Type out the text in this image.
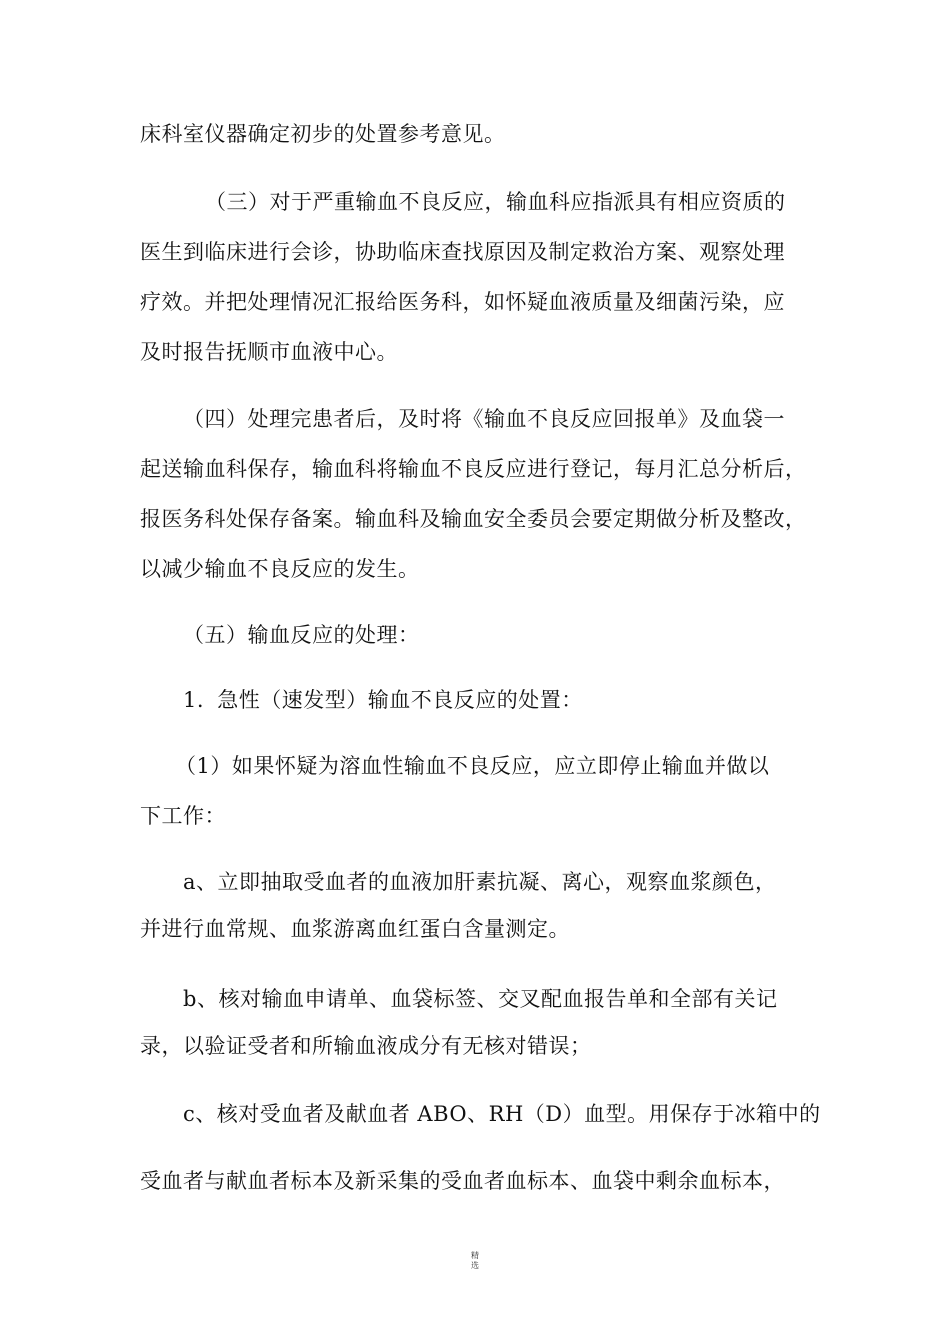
床科室仪器确定初步的处置参考意见。
（三）对于严重输血不良反应，输血科应指派具有相应资质的
医生到临床进行会诊，协助临床查找原因及制定救治方案、观察处理
疗效。并把处理情况汇报给医务科，如怀疑血液质量及细菌污染，应
及时报告抚顺市血液中心。
（四）处理完患者后，及时将《输血不良反应回报单》及血袋一
起送输血科保存，输血科将输血不良反应进行登记，每月汇总分析后，
报医务科处保存备案。输血科及输血安全委员会要定期做分析及整改，
以减少输血不良反应的发生。
（五）输血反应的处理：
1. 急性（速发型）输血不良反应的处置：
（1）如果怀疑为溶血性输血不良反应，应立即停止输血并做以
下工作：
a、立即抽取受血者的血液加肝素抗凝、离心，观察血浆颜色，
并进行血常规、血浆游离血红蛋白含量测定。
b、核对输血申请单、血袋标签、交叉配血报告单和全部有关记
录，以验证受者和所输血液成分有无核对错误；
c、核对受血者及献血者 ABO、RH（D）血型。用保存于冰箱中的
受血者与献血者标本及新采集的受血者血标本、血袋中剩余血标本，
精
选
